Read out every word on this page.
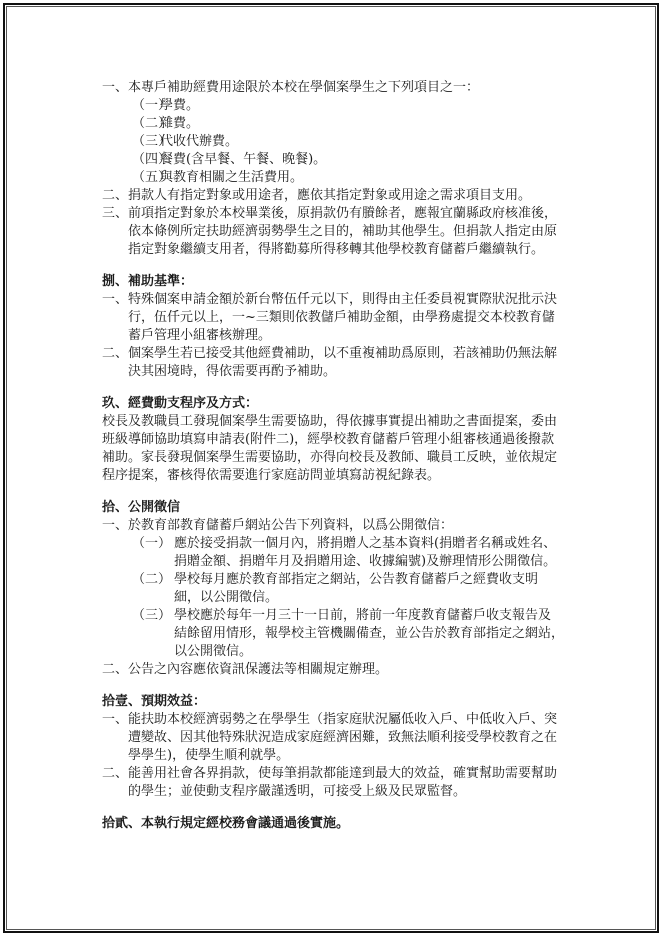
一、 本專戶補助經費用途限於本校在學個案學生之下列項目之一：
（一）
學費。
（二）
雜費。
（三）
代收代辦費。
（四）
餐費(含早餐、午餐、晚餐)。
（五）
與教育相關之生活費用。
二、 捐款人有指定對象或用途者，應依其指定對象或用途之需求項目支用。
三、 前項指定對象於本校畢業後，原捐款仍有賸餘者，應報宜蘭縣政府核准後，
依本條例所定扶助經濟弱勢學生之目的，補助其他學生。但捐款人指定由原
指定對象繼續支用者，得將勸募所得移轉其他學校教育儲蓄戶繼續執行。
捌、補助基準：
一、 特殊個案申請金額於新台幣伍仟元以下，則得由主任委員視實際狀況批示決
行，伍仟元以上，一~三類則依教儲戶補助金額，由學務處提交本校教育儲
蓄戶管理小組審核辦理。
二、 個案學生若已接受其他經費補助，以不重複補助爲原則，若該補助仍無法解
決其困境時，得依需要再酌予補助。
玖、經費動支程序及方式：
校長及教職員工發現個案學生需要協助，得依據事實提出補助之書面提案，委由
班級導師協助填寫申請表(附件二)，經學校教育儲蓄戶管理小組審核通過後撥款
補助。家長發現個案學生需要協助，亦得向校長及教師、職員工反映，並依規定
程序提案，審核得依需要進行家庭訪問並填寫訪視紀錄表。
拾、公開徵信
一、 於教育部教育儲蓄戶網站公告下列資料，以爲公開徵信：
（一） 應於接受捐款一個月內，將捐贈人之基本資料(捐贈者名稱或姓名、
捐贈金額、捐贈年月及捐贈用途、收據編號)及辦理情形公開徵信。
（二） 學校每月應於教育部指定之網站，公告教育儲蓄戶之經費收支明
細，以公開徵信。
（三） 學校應於每年一月三十一日前，將前一年度教育儲蓄戶收支報告及
結餘留用情形，報學校主管機關備查，並公告於教育部指定之網站，
以公開徵信。
二、 公告之內容應依資訊保護法等相關規定辦理。
拾壹、預期效益：
一、 能扶助本校經濟弱勢之在學學生（指家庭狀況屬低收入戶、中低收入戶、突
遭變故、因其他特殊狀況造成家庭經濟困難，致無法順利接受學校教育之在
學學生)，使學生順利就學。
二、 能善用社會各界捐款，使每筆捐款都能達到最大的效益，確實幫助需要幫助
的學生；並使動支程序嚴謹透明，可接受上級及民眾監督。
拾貳、本執行規定經校務會議通過後實施。
